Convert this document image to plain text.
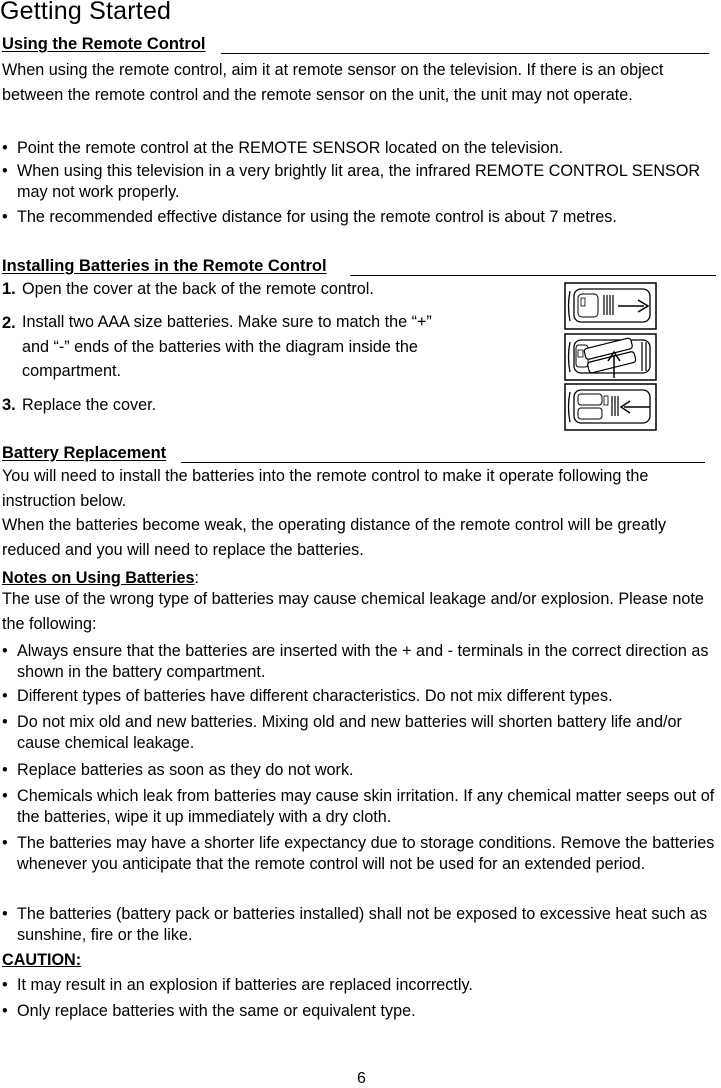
Getting Started
Using the Remote Control

When using the remote control, aim it at remote sensor on the television. If there is an object between the remote control and the remote sensor on the unit, the unit may not operate.

• Point the remote control at the REMOTE SENSOR located on the television.

• When using this television in a very brightly lit area, the infrared REMOTE CONTROL SENSOR may not work properly.

• The recommended effective distance for using the remote control is about 7 metres.

Installing Batteries in the Remote Control
1. Open the cover at the back of the remote control.

2. Install two AAA size batteries. Make sure to match the “+” and “-” ends of the batteries with the diagram inside the compartment.

3. Replace the cover.

Battery Replacement

You will need to install the batteries into the remote control to make it operate following the instruction below.

When the batteries become weak, the operating distance of the remote control will be greatly reduced and you will need to replace the batteries.

Notes on Using Batteries:

The use of the wrong type of batteries may cause chemical leakage and/or explosion. Please note the following:

• Always ensure that the batteries are inserted with the + and - terminals in the correct direction as shown in the battery compartment.

• Different types of batteries have different characteristics. Do not mix different types.

• Do not mix old and new batteries. Mixing old and new batteries will shorten battery life and/or cause chemical leakage.

• Replace batteries as soon as they do not work.

• Chemicals which leak from batteries may cause skin irritation. If any chemical matter seeps out of the batteries, wipe it up immediately with a dry cloth.

• The batteries may have a shorter life expectancy due to storage conditions. Remove the batteries whenever you anticipate that the remote control will not be used for an extended period.

• The batteries (battery pack or batteries installed) shall not be exposed to excessive heat such as sunshine, fire or the like.

CAUTION:

• It may result in an explosion if batteries are replaced incorrectly.

• Only replace batteries with the same or equivalent type.

6
